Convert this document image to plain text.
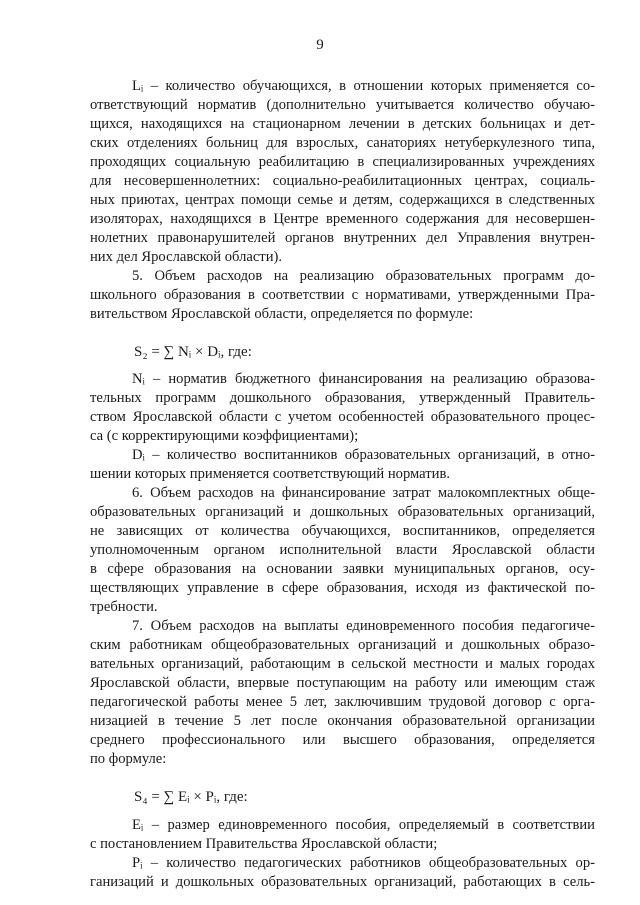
9
Lᵢ – количество обучающихся, в отношении которых применяется со-
ответствующий норматив (дополнительно учитывается количество обучаю-
щихся, находящихся на стационарном лечении в детских больницах и дет-
ских отделениях больниц для взрослых, санаториях нетуберкулезного типа,
проходящих социальную реабилитацию в специализированных учреждениях
для несовершеннолетних: социально-реабилитационных центрах, социаль-
ных приютах, центрах помощи семье и детям, содержащихся в следственных
изоляторах, находящихся в Центре временного содержания для несовершен-
нолетних правонарушителей органов внутренних дел Управления внутрен-
них дел Ярославской области).
5. Объем расходов на реализацию образовательных программ до-
школьного образования в соответствии с нормативами, утвержденными Пра-
вительством Ярославской области, определяется по формуле:
S₂ = ∑ Nᵢ × Dᵢ, где:
Nᵢ – норматив бюджетного финансирования на реализацию образова-
тельных программ дошкольного образования, утвержденный Правитель-
ством Ярославской области с учетом особенностей образовательного процес-
са (с корректирующими коэффициентами);
Dᵢ – количество воспитанников образовательных организаций, в отно-
шении которых применяется соответствующий норматив.
6. Объем расходов на финансирование затрат малокомплектных обще-
образовательных организаций и дошкольных образовательных организаций,
не зависящих от количества обучающихся, воспитанников, определяется
уполномоченным органом исполнительной власти Ярославской области
в сфере образования на основании заявки муниципальных органов, осу-
ществляющих управление в сфере образования, исходя из фактической по-
требности.
7. Объем расходов на выплаты единовременного пособия педагогиче-
ским работникам общеобразовательных организаций и дошкольных образо-
вательных организаций, работающим в сельской местности и малых городах
Ярославской области, впервые поступающим на работу или имеющим стаж
педагогической работы менее 5 лет, заключившим трудовой договор с орга-
низацией в течение 5 лет после окончания образовательной организации
среднего профессионального или высшего образования, определяется
по формуле:
S₄ = ∑ Eᵢ × Pᵢ, где:
Eᵢ – размер единовременного пособия, определяемый в соответствии
с постановлением Правительства Ярославской области;
Pᵢ – количество педагогических работников общеобразовательных ор-
ганизаций и дошкольных образовательных организаций, работающих в сель-
